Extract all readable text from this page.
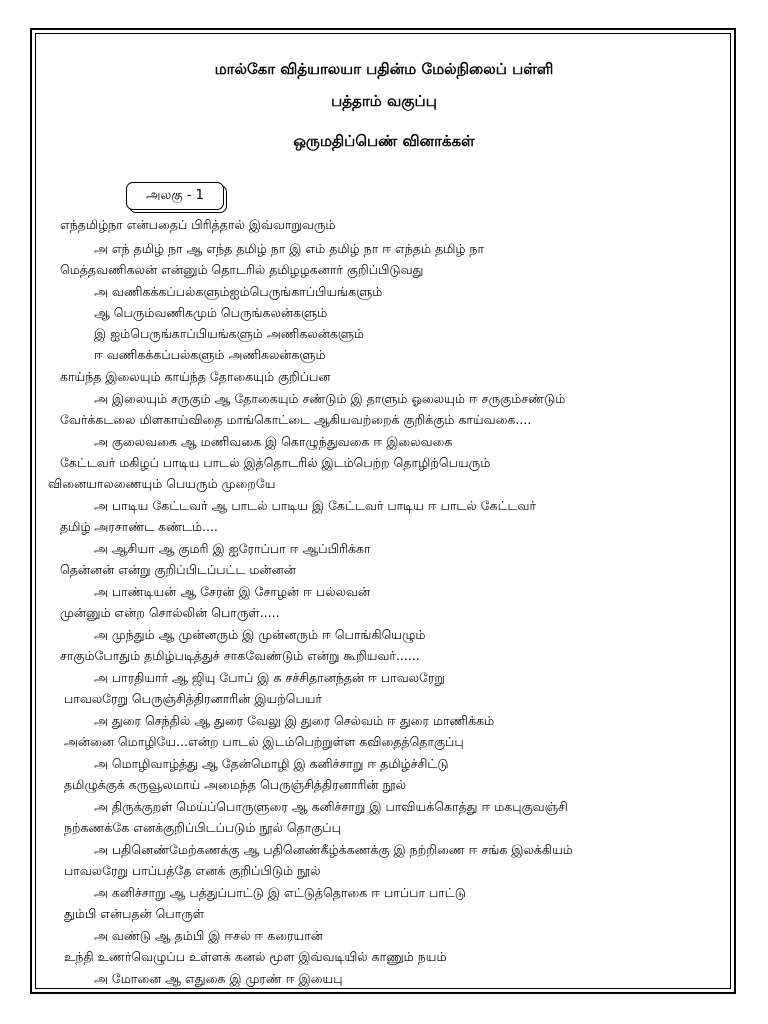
மால்கோ வித்யாலயா பதின்ம மேல்நிலைப் பள்ளி
பத்தாம் வகுப்பு
ஒருமதிப்பெண் வினாக்கள்
அலகு - 1
எந்தமிழ்நா என்பதைப் பிரித்தால் இவ்வாறுவரும்
அ எந் தமிழ் நா ஆ எந்த தமிழ் நா இ எம் தமிழ் நா ஈ எந்தம் தமிழ் நா
மெத்தவணிகலன் என்னும் தொடரில் தமிழழகனார் குறிப்பிடுவது
அ வணிகக்கப்பல்களும்ஐம்பெருங்காப்பியங்களும்
ஆ பெரும்வணிகமும் பெருங்கலன்களும்
இ ஐம்பெருங்காப்பியங்களும் அணிகலன்களும்
ஈ வணிகக்கப்பல்களும் அணிகலன்களும்
காய்ந்த இலையும் காய்ந்த தோகையும் குறிப்பன
அ இலையும் சருகும் ஆ தோகையும் சண்டும் இ தாளும் ஓலையும் ஈ சருகும்சண்டும்
வேர்க்கடலை மிளகாய்விதை மாங்கொட்டை ஆகியவற்றைக் குறிக்கும் காய்வகை....
அ குலைவகை ஆ மணிவகை இ கொழுந்துவகை ஈ இலைவகை
கேட்டவர் மகிழப் பாடிய பாடல் இத்தொடரில் இடம்பெற்ற தொழிற்பெயரும்
வினையாலணையும் பெயரும் முறையே
அ பாடிய கேட்டவர் ஆ பாடல் பாடிய இ கேட்டவர் பாடிய ஈ பாடல் கேட்டவர்
தமிழ் அரசாண்ட கண்டம்....
அ ஆசியா ஆ குமரி இ ஐரோப்பா ஈ ஆப்பிரிக்கா
தென்னன் என்று குறிப்பிடப்பட்ட மன்னன்
அ பாண்டியன் ஆ சேரன் இ சோழன் ஈ பல்லவன்
முன்னும் என்ற சொல்லின் பொருள்.....
அ முந்தும் ஆ முன்னரும் இ முன்னரும் ஈ பொங்கியெழும்
சாகும்போதும் தமிழ்படித்துச் சாகவேண்டும் என்று கூறியவர்......
அ பாரதியார் ஆ ஜியு போப் இ க சச்சிதானந்தன் ஈ பாவலரேறு
பாவலரேறு பெருஞ்சித்திரனாரின் இயற்பெயர்
அ துரை செந்தில் ஆ துரை வேலு இ துரை செல்வம் ஈ துரை மாணிக்கம்
அன்னை மொழியே...என்ற பாடல் இடம்பெற்றுள்ள கவிதைத்தொகுப்பு
அ மொழிவாழ்த்து ஆ தேன்மொழி இ கனிச்சாறு ஈ தமிழ்ச்சிட்டு
தமிழுக்குக் கருவூலமாய் அமைந்த பெருஞ்சித்திரனாரின் நூல்
அ திருக்குறள் மெய்ப்பொருளுரை ஆ கனிச்சாறு இ பாவியக்கொத்து ஈ மகபுகுவஞ்சி
நற்கணக்கே எனக்குறிப்பிடப்படும் நூல் தொகுப்பு
அ பதினெண்மேற்கணக்கு ஆ பதினெண்கீழ்க்கணக்கு இ நற்றிணை ஈ சங்க இலக்கியம்
பாவலரேறு பாப்பத்தே எனக் குறிப்பிடும் நூல்
அ கனிச்சாறு ஆ பத்துப்பாட்டு இ எட்டுத்தொகை ஈ பாப்பா பாட்டு
தும்பி என்பதன் பொருள்
அ வண்டு ஆ தம்பி இ ஈசல் ஈ கரையான்
உந்தி உணர்வெழுப்ப உள்ளக் கனல் மூள இவ்வடியில் காணும் நயம்
அ மோனை ஆ எதுகை இ முரண் ஈ இயைபு
